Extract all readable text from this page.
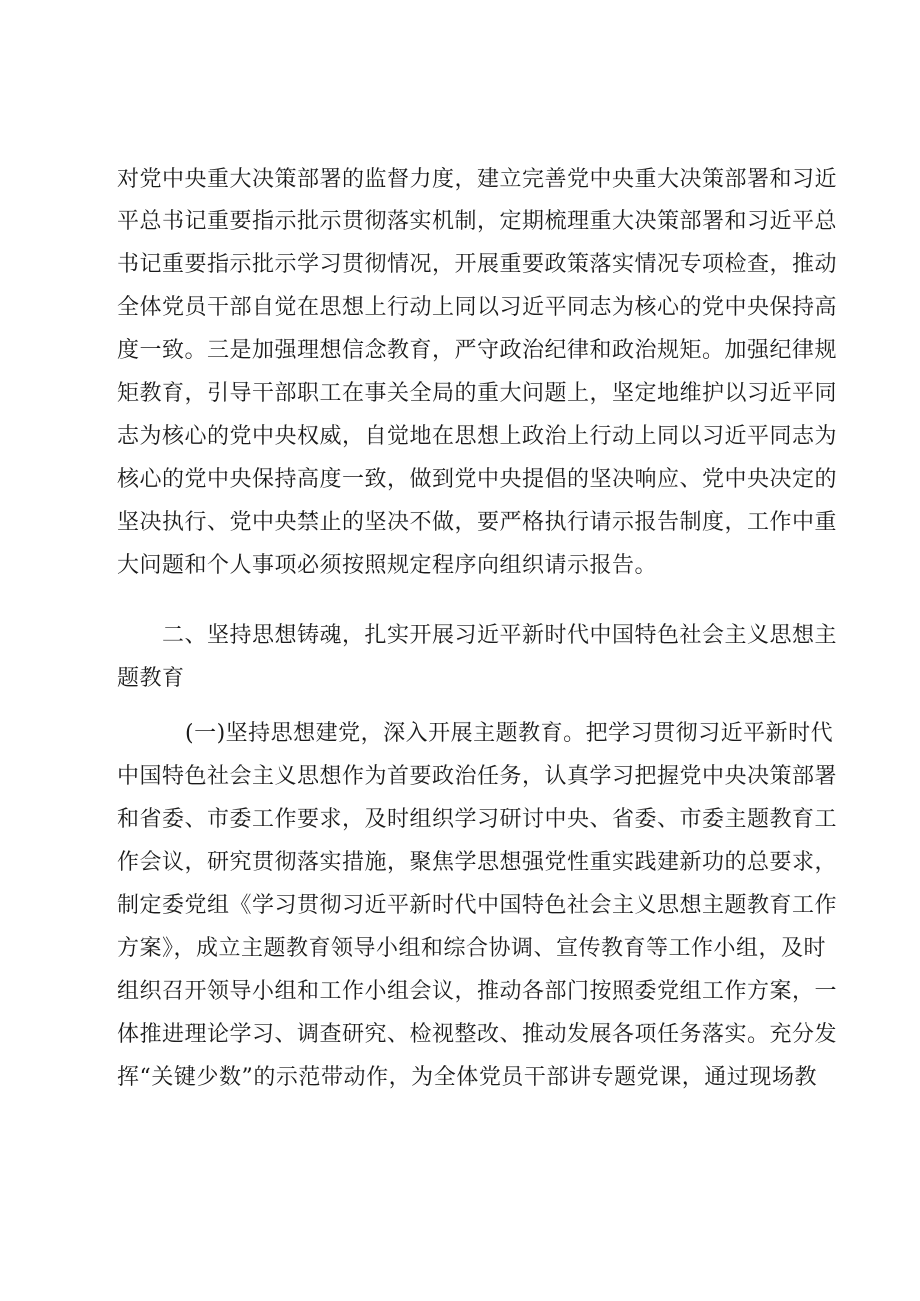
对党中央重大决策部署的监督力度，建立完善党中央重大决策部署和习近
平总书记重要指示批示贯彻落实机制，定期梳理重大决策部署和习近平总
书记重要指示批示学习贯彻情况，开展重要政策落实情况专项检查，推动
全体党员干部自觉在思想上行动上同以习近平同志为核心的党中央保持高
度一致。三是加强理想信念教育，严守政治纪律和政治规矩。加强纪律规
矩教育，引导干部职工在事关全局的重大问题上，坚定地维护以习近平同
志为核心的党中央权威，自觉地在思想上政治上行动上同以习近平同志为
核心的党中央保持高度一致，做到党中央提倡的坚决响应、党中央决定的
坚决执行、党中央禁止的坚决不做，要严格执行请示报告制度，工作中重
大问题和个人事项必须按照规定程序向组织请示报告。
二、坚持思想铸魂，扎实开展习近平新时代中国特色社会主义思想主
题教育
(一)坚持思想建党，深入开展主题教育。把学习贯彻习近平新时代
中国特色社会主义思想作为首要政治任务，认真学习把握党中央决策部署
和省委、市委工作要求，及时组织学习研讨中央、省委、市委主题教育工
作会议，研究贯彻落实措施，聚焦学思想强党性重实践建新功的总要求，
制定委党组《学习贯彻习近平新时代中国特色社会主义思想主题教育工作
方案》，成立主题教育领导小组和综合协调、宣传教育等工作小组，及时
组织召开领导小组和工作小组会议，推动各部门按照委党组工作方案，一
体推进理论学习、调查研究、检视整改、推动发展各项任务落实。充分发
挥“关键少数”的示范带动作，为全体党员干部讲专题党课，通过现场教
